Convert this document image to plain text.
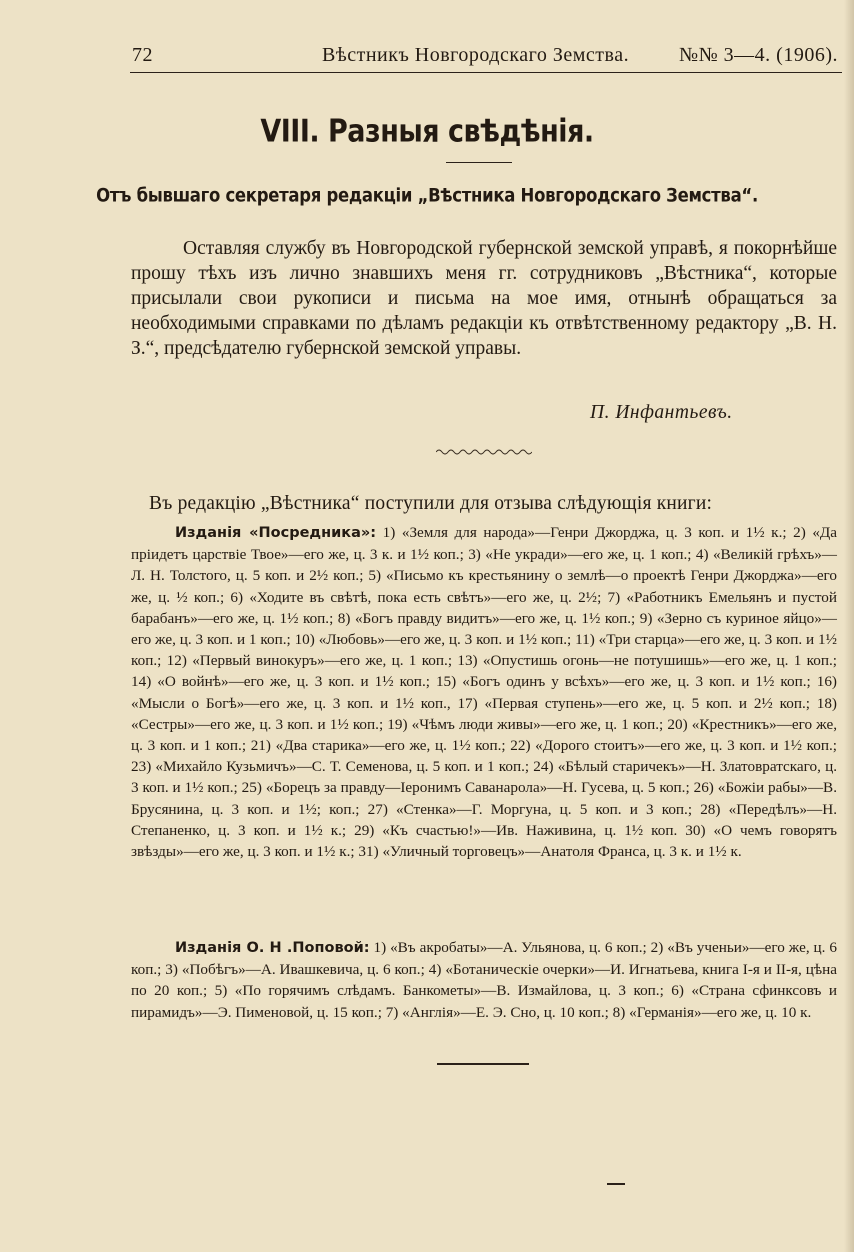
72	Вѣстникъ Новгородскаго Земства. №№ 3—4. (1906).
VIII. Разныя свѣдѣнія.
Отъ бывшаго секретаря редакціи „Вѣстника Новгородскаго Земства“.
Оставляя службу въ Новгородской губернской земской управѣ, я покорнѣйше прошу тѣхъ изъ лично знавшихъ меня гг. сотрудниковъ „Вѣстника“, которые присылали свои рукописи и письма на мое имя, отнынѣ обращаться за необходимыми справками по дѣламъ редакціи къ отвѣтственному редактору „В. Н. З.“, предсѣдателю губернской земской управы.
П. Инфантьевъ.
Въ редакцію „Вѣстника“ поступили для отзыва слѣдующія книги:
Изданія «Посредника»: 1) «Земля для народа»—Генри Джорджа, ц. 3 коп. и 1½ к.; 2) «Да пріидетъ царствіе Твое»—его же, ц. 3 к. и 1½ коп.; 3) «Не укради»—его же, ц. 1 коп.; 4) «Великій грѣхъ»—Л. Н. Толстого, ц. 5 коп. и 2½ коп.; 5) «Письмо къ крестьянину о землѣ—о проектѣ Генри Джорджа»—его же, ц. ½ коп.; 6) «Ходите въ свѣтѣ, пока есть свѣтъ»—его же, ц. 2½; 7) «Работникъ Емельянъ и пустой барабанъ»—его же, ц. 1½ коп.; 8) «Богъ правду видитъ»—его же, ц. 1½ коп.; 9) «Зерно съ куриное яйцо»—его же, ц. 3 коп. и 1 коп.; 10) «Любовь»—его же, ц. 3 коп. и 1½ коп.; 11) «Три старца»—его же, ц. 3 коп. и 1½ коп.; 12) «Первый винокуръ»—его же, ц. 1 коп.; 13) «Опустишь огонь—не потушишь»—его же, ц. 1 коп.; 14) «О войнѣ»—его же, ц. 3 коп. и 1½ коп.; 15) «Богъ одинъ у всѣхъ»—его же, ц. 3 коп. и 1½ коп.; 16) «Мысли о Богѣ»—его же, ц. 3 коп. и 1½ коп., 17) «Первая ступень»—его же, ц. 5 коп. и 2½ коп.; 18) «Сестры»—его же, ц. 3 коп. и 1½ коп.; 19) «Чѣмъ люди живы»—его же, ц. 1 коп.; 20) «Крестникъ»—его же, ц. 3 коп. и 1 коп.; 21) «Два старика»—его же, ц. 1½ коп.; 22) «Дорого стоитъ»—его же, ц. 3 коп. и 1½ коп.; 23) «Михайло Кузьмичъ»—С. Т. Семенова, ц. 5 коп. и 1 коп.; 24) «Бѣлый старичекъ»—Н. Златовратскаго, ц. 3 коп. и 1½ коп.; 25) «Борецъ за правду—Іеронимъ Саванарола»—Н. Гусева, ц. 5 коп.; 26) «Божіи рабы»—В. Брусянина, ц. 3 коп. и 1½; коп.; 27) «Стенка»—Г. Моргуна, ц. 5 коп. и 3 коп.; 28) «Передѣлъ»—Н. Степаненко, ц. 3 коп. и 1½ к.; 29) «Къ счастью!»—Ив. Наживина, ц. 1½ коп. 30) «О чемъ говорятъ звѣзды»—его же, ц. 3 коп. и 1½ к.; 31) «Уличный торговецъ»—Анатоля Франса, ц. 3 к. и 1½ к.
Изданія О. Н .Поповой: 1) «Въ акробаты»—А. Ульянова, ц. 6 коп.; 2) «Въ ученьи»—его же, ц. 6 коп.; 3) «Побѣгъ»—А. Ивашкевича, ц. 6 коп.; 4) «Ботаническіе очерки»—И. Игнатьева, книга I-я и II-я, цѣна по 20 коп.; 5) «По горячимъ слѣдамъ. Банкометы»—В. Измайлова, ц. 3 коп.; 6) «Страна сфинксовъ и пирамидъ»—Э. Пименовой, ц. 15 коп.; 7) «Англія»—Е. Э. Сно, ц. 10 коп.; 8) «Германія»—его же, ц. 10 к.
